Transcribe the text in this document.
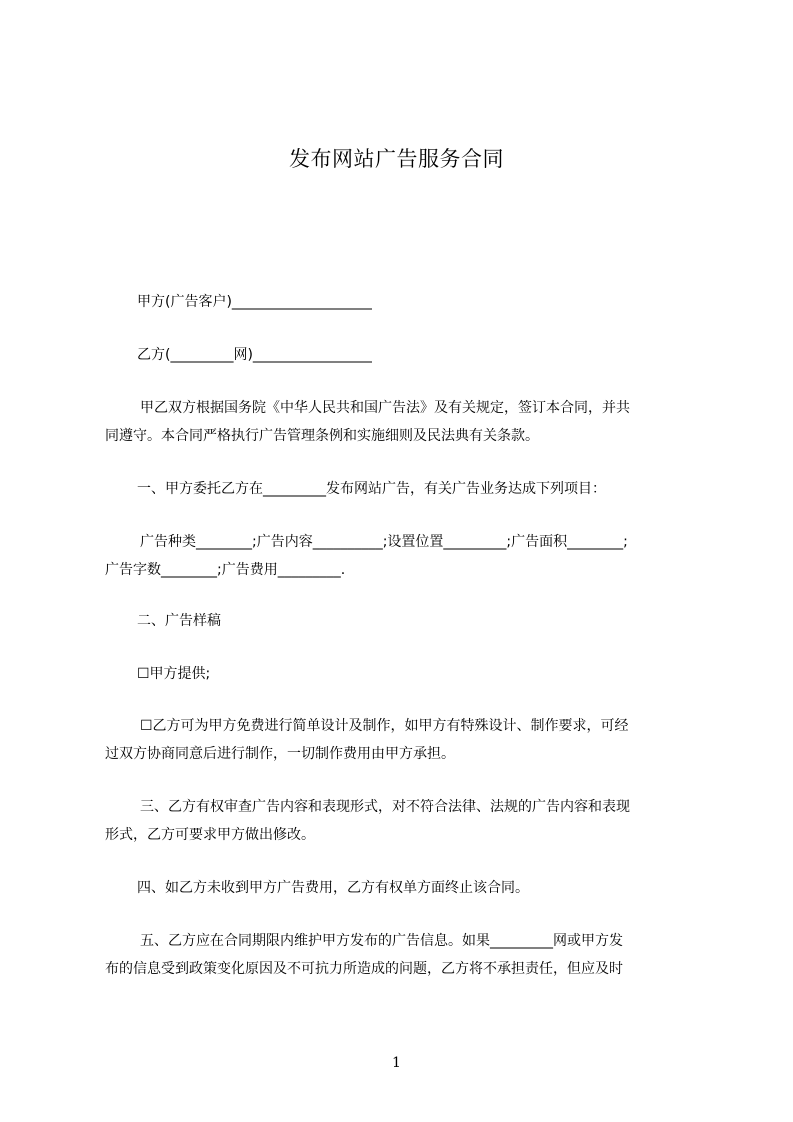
发布网站广告服务合同
甲方(广告客户)____________________
乙方(_________网)_________________
甲乙双方根据国务院《中华人民共和国广告法》及有关规定，签订本合同，并共
同遵守。本合同严格执行广告管理条例和实施细则及民法典有关条款。
一、甲方委托乙方在_________发布网站广告，有关广告业务达成下列项目：
广告种类________;广告内容__________;设置位置_________;广告面积________;
广告字数________;广告费用_________.
二、广告样稿
☐甲方提供;
☐乙方可为甲方免费进行简单设计及制作，如甲方有特殊设计、制作要求，可经
过双方协商同意后进行制作，一切制作费用由甲方承担。
三、乙方有权审查广告内容和表现形式，对不符合法律、法规的广告内容和表现
形式，乙方可要求甲方做出修改。
四、如乙方未收到甲方广告费用，乙方有权单方面终止该合同。
五、乙方应在合同期限内维护甲方发布的广告信息。如果_________网或甲方发
布的信息受到政策变化原因及不可抗力所造成的问题，乙方将不承担责任，但应及时
1
